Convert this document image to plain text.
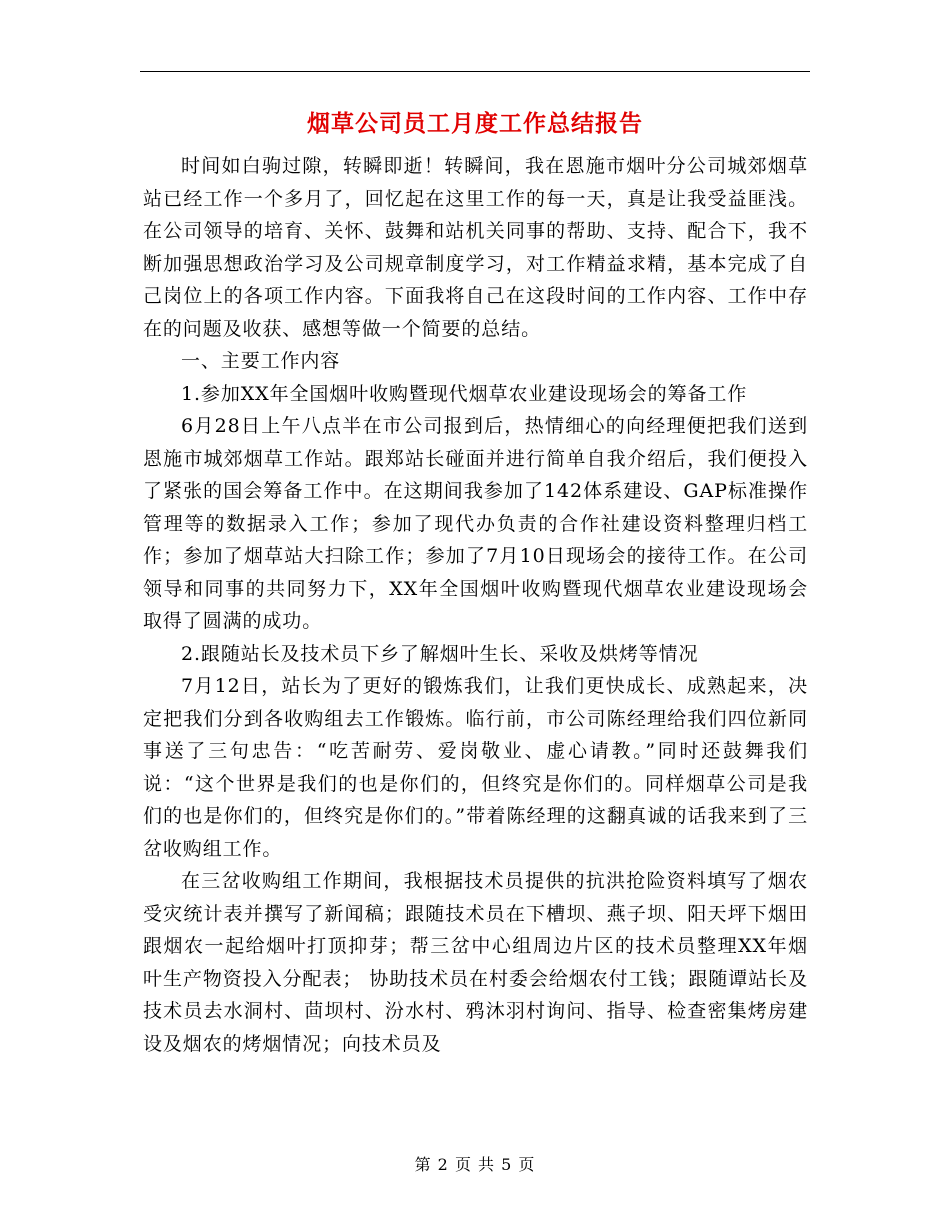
烟草公司员工月度工作总结报告

时间如白驹过隙，转瞬即逝！转瞬间，我在恩施市烟叶分公司城郊烟草站已经工作一个多月了，回忆起在这里工作的每一天，真是让我受益匪浅。在公司领导的培育、关怀、鼓舞和站机关同事的帮助、支持、配合下，我不断加强思想政治学习及公司规章制度学习，对工作精益求精，基本完成了自己岗位上的各项工作内容。下面我将自己在这段时间的工作内容、工作中存在的问题及收获、感想等做一个简要的总结。

一、主要工作内容

1.参加XX年全国烟叶收购暨现代烟草农业建设现场会的筹备工作

6月28日上午八点半在市公司报到后，热情细心的向经理便把我们送到恩施市城郊烟草工作站。跟郑站长碰面并进行简单自我介绍后，我们便投入了紧张的国会筹备工作中。在这期间我参加了142体系建设、GAP标准操作管理等的数据录入工作；参加了现代办负责的合作社建设资料整理归档工作；参加了烟草站大扫除工作；参加了7月10日现场会的接待工作。在公司领导和同事的共同努力下，XX年全国烟叶收购暨现代烟草农业建设现场会取得了圆满的成功。

2.跟随站长及技术员下乡了解烟叶生长、采收及烘烤等情况

7月12日，站长为了更好的锻炼我们，让我们更快成长、成熟起来，决定把我们分到各收购组去工作锻炼。临行前，市公司陈经理给我们四位新同事送了三句忠告：“吃苦耐劳、爱岗敬业、虚心请教。”同时还鼓舞我们说：“这个世界是我们的也是你们的，但终究是你们的。同样烟草公司是我们的也是你们的，但终究是你们的。”带着陈经理的这翻真诚的话我来到了三岔收购组工作。

在三岔收购组工作期间，我根据技术员提供的抗洪抢险资料填写了烟农受灾统计表并撰写了新闻稿；跟随技术员在下槽坝、燕子坝、阳天坪下烟田跟烟农一起给烟叶打顶抑芽；帮三岔中心组周边片区的技术员整理XX年烟叶生产物资投入分配表； 协助技术员在村委会给烟农付工钱；跟随谭站长及技术员去水洞村、茴坝村、汾水村、鸦沐羽村询问、指导、检查密集烤房建设及烟农的烤烟情况；向技术员及

第 2 页 共 5 页
